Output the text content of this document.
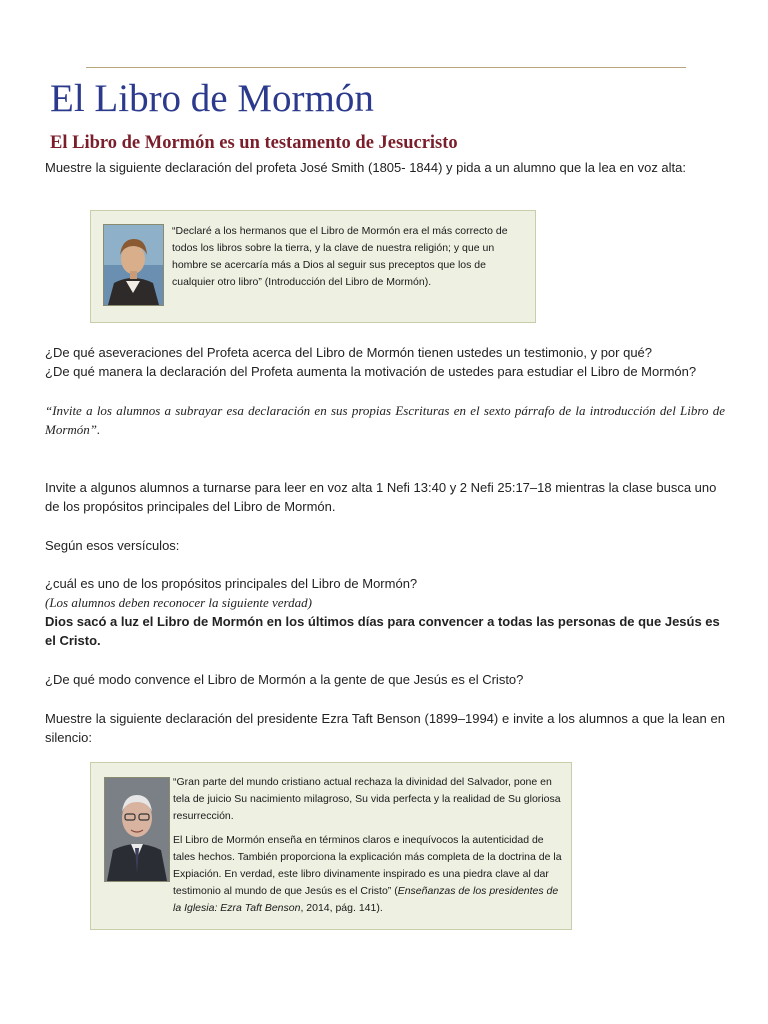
El Libro de Mormón
El Libro de Mormón es un testamento de Jesucristo
Muestre la siguiente declaración del profeta José Smith (1805- 1844) y pida a un alumno que la lea en voz alta:
“Declaré a los hermanos que el Libro de Mormón era el más correcto de todos los libros sobre la tierra, y la clave de nuestra religión; y que un hombre se acercaría más a Dios al seguir sus preceptos que los de cualquier otro libro” (Introducción del Libro de Mormón).
¿De qué aseveraciones del Profeta acerca del Libro de Mormón tienen ustedes un testimonio, y por qué?
¿De qué manera la declaración del Profeta aumenta la motivación de ustedes para estudiar el Libro de Mormón?
“Invite a los alumnos a subrayar esa declaración en sus propias Escrituras en el sexto párrafo de la introducción del Libro de Mormón”.
Invite a algunos alumnos a turnarse para leer en voz alta 1 Nefi 13:40 y 2 Nefi 25:17–18 mientras la clase busca uno de los propósitos principales del Libro de Mormón.
Según esos versículos:
¿cuál es uno de los propósitos principales del Libro de Mormón?
(Los alumnos deben reconocer la siguiente verdad)
Dios sacó a luz el Libro de Mormón en los últimos días para convencer a todas las personas de que Jesús es el Cristo.
¿De qué modo convence el Libro de Mormón a la gente de que Jesús es el Cristo?
Muestre la siguiente declaración del presidente Ezra Taft Benson (1899–1994) e invite a los alumnos a que la lean en silencio:

“Gran parte del mundo cristiano actual rechaza la divinidad del Salvador, pone en tela de juicio Su nacimiento milagroso, Su vida perfecta y la realidad de Su gloriosa resurrección.

El Libro de Mormón enseña en términos claros e inequívocos la autenticidad de tales hechos. También proporciona la explicación más completa de la doctrina de la Expiación. En verdad, este libro divinamente inspirado es una piedra clave al dar testimonio al mundo de que Jesús es el Cristo” (Enseñanzas de los presidentes de la Iglesia: Ezra Taft Benson, 2014, pág. 141).
